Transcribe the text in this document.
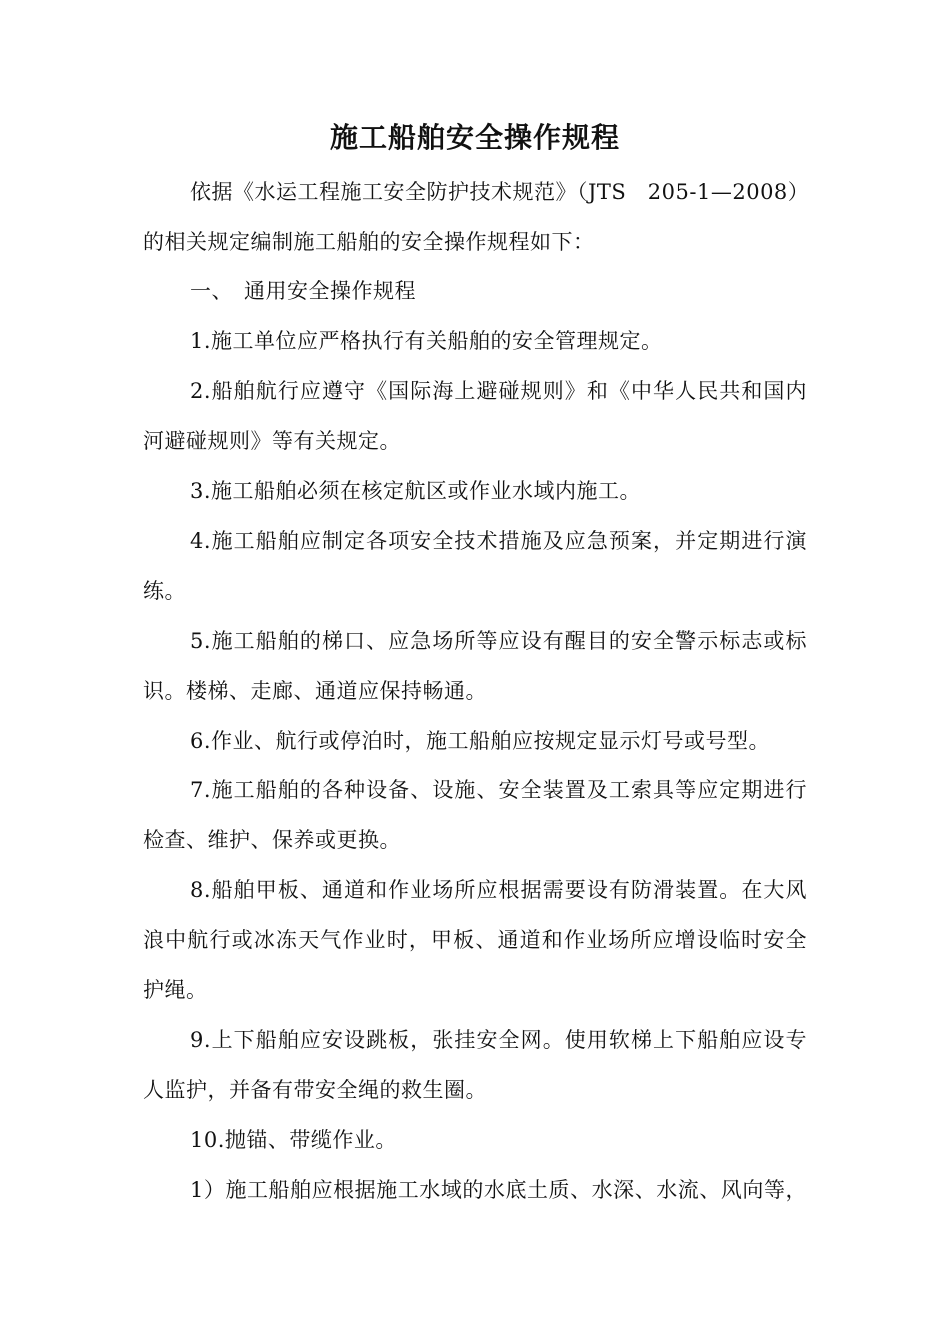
施工船舶安全操作规程
依据《水运工程施工安全防护技术规范》（JTS　205-1—2008）
的相关规定编制施工船舶的安全操作规程如下：
一、　通用安全操作规程
1.施工单位应严格执行有关船舶的安全管理规定。
2.船舶航行应遵守《国际海上避碰规则》和《中华人民共和国内
河避碰规则》等有关规定。
3.施工船舶必须在核定航区或作业水域内施工。
4.施工船舶应制定各项安全技术措施及应急预案，并定期进行演
练。
5.施工船舶的梯口、应急场所等应设有醒目的安全警示标志或标
识。楼梯、走廊、通道应保持畅通。
6.作业、航行或停泊时，施工船舶应按规定显示灯号或号型。
7.施工船舶的各种设备、设施、安全装置及工索具等应定期进行
检查、维护、保养或更换。
8.船舶甲板、通道和作业场所应根据需要设有防滑装置。在大风
浪中航行或冰冻天气作业时，甲板、通道和作业场所应增设临时安全
护绳。
9.上下船舶应安设跳板，张挂安全网。使用软梯上下船舶应设专
人监护，并备有带安全绳的救生圈。
10.抛锚、带缆作业。
1）施工船舶应根据施工水域的水底土质、水深、水流、风向等，
